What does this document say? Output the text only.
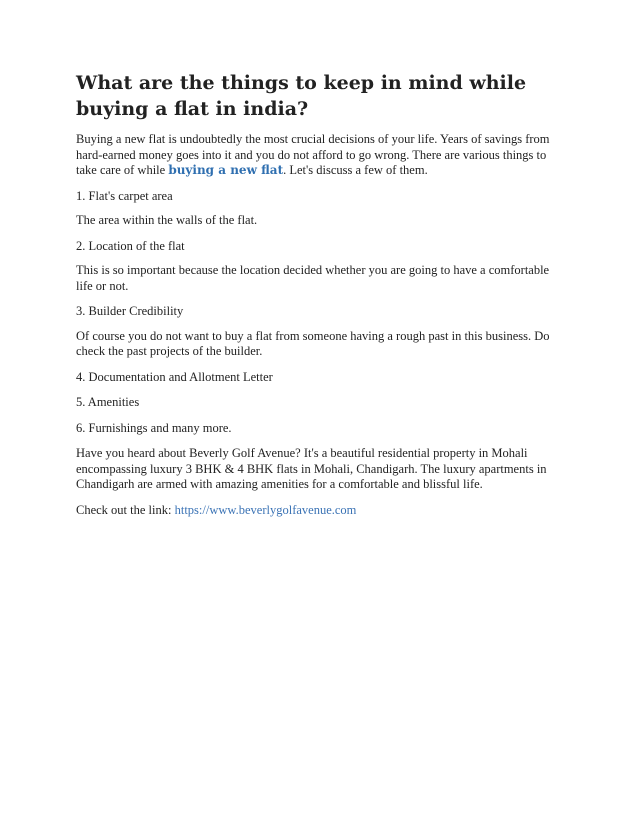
What are the things to keep in mind while buying a flat in india?

Buying a new flat is undoubtedly the most crucial decisions of your life. Years of savings from hard-earned money goes into it and you do not afford to go wrong. There are various things to take care of while buying a new flat. Let's discuss a few of them.

1. Flat's carpet area

The area within the walls of the flat.

2. Location of the flat

This is so important because the location decided whether you are going to have a comfortable life or not.

3. Builder Credibility

Of course you do not want to buy a flat from someone having a rough past in this business. Do check the past projects of the builder.

4. Documentation and Allotment Letter

5. Amenities

6. Furnishings and many more.

Have you heard about Beverly Golf Avenue? It's a beautiful residential property in Mohali encompassing luxury 3 BHK & 4 BHK flats in Mohali, Chandigarh. The luxury apartments in Chandigarh are armed with amazing amenities for a comfortable and blissful life.

Check out the link: https://www.beverlygolfavenue.com
